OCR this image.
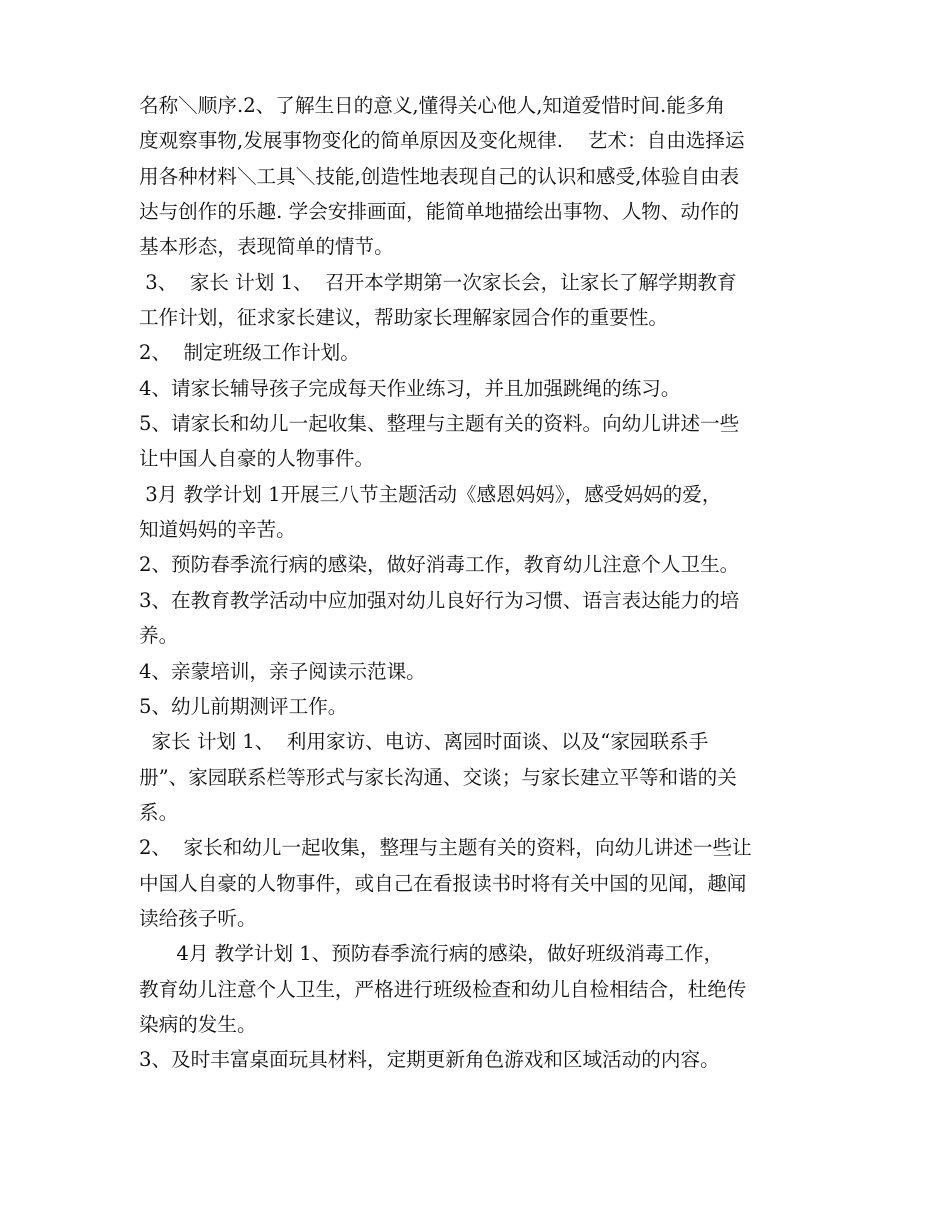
名称＼顺序.2、了解生日的意义,懂得关心他人,知道爱惜时间.能多角
度观察事物,发展事物变化的简单原因及变化规律.    艺术：自由选择运
用各种材料＼工具＼技能,创造性地表现自己的认识和感受,体验自由表
达与创作的乐趣. 学会安排画面，能简单地描绘出事物、人物、动作的
基本形态，表现简单的情节。
3、  家长 计划 1、  召开本学期第一次家长会，让家长了解学期教育
工作计划，征求家长建议，帮助家长理解家园合作的重要性。
2、  制定班级工作计划。
4、请家长辅导孩子完成每天作业练习，并且加强跳绳的练习。
5、请家长和幼儿一起收集、整理与主题有关的资料。向幼儿讲述一些
让中国人自豪的人物事件。
3月 教学计划 1开展三八节主题活动《感恩妈妈》，感受妈妈的爱，
知道妈妈的辛苦。
2、预防春季流行病的感染，做好消毒工作，教育幼儿注意个人卫生。
3、在教育教学活动中应加强对幼儿良好行为习惯、语言表达能力的培
养。
4、亲蒙培训，亲子阅读示范课。
5、幼儿前期测评工作。
家长 计划 1、  利用家访、电访、离园时面谈、以及“家园联系手
册”、家园联系栏等形式与家长沟通、交谈；与家长建立平等和谐的关
系。
2、  家长和幼儿一起收集，整理与主题有关的资料，向幼儿讲述一些让
中国人自豪的人物事件，或自己在看报读书时将有关中国的见闻，趣闻
读给孩子听。
4月 教学计划 1、预防春季流行病的感染，做好班级消毒工作，
教育幼儿注意个人卫生，严格进行班级检查和幼儿自检相结合，杜绝传
染病的发生。
3、及时丰富桌面玩具材料，定期更新角色游戏和区域活动的内容。
